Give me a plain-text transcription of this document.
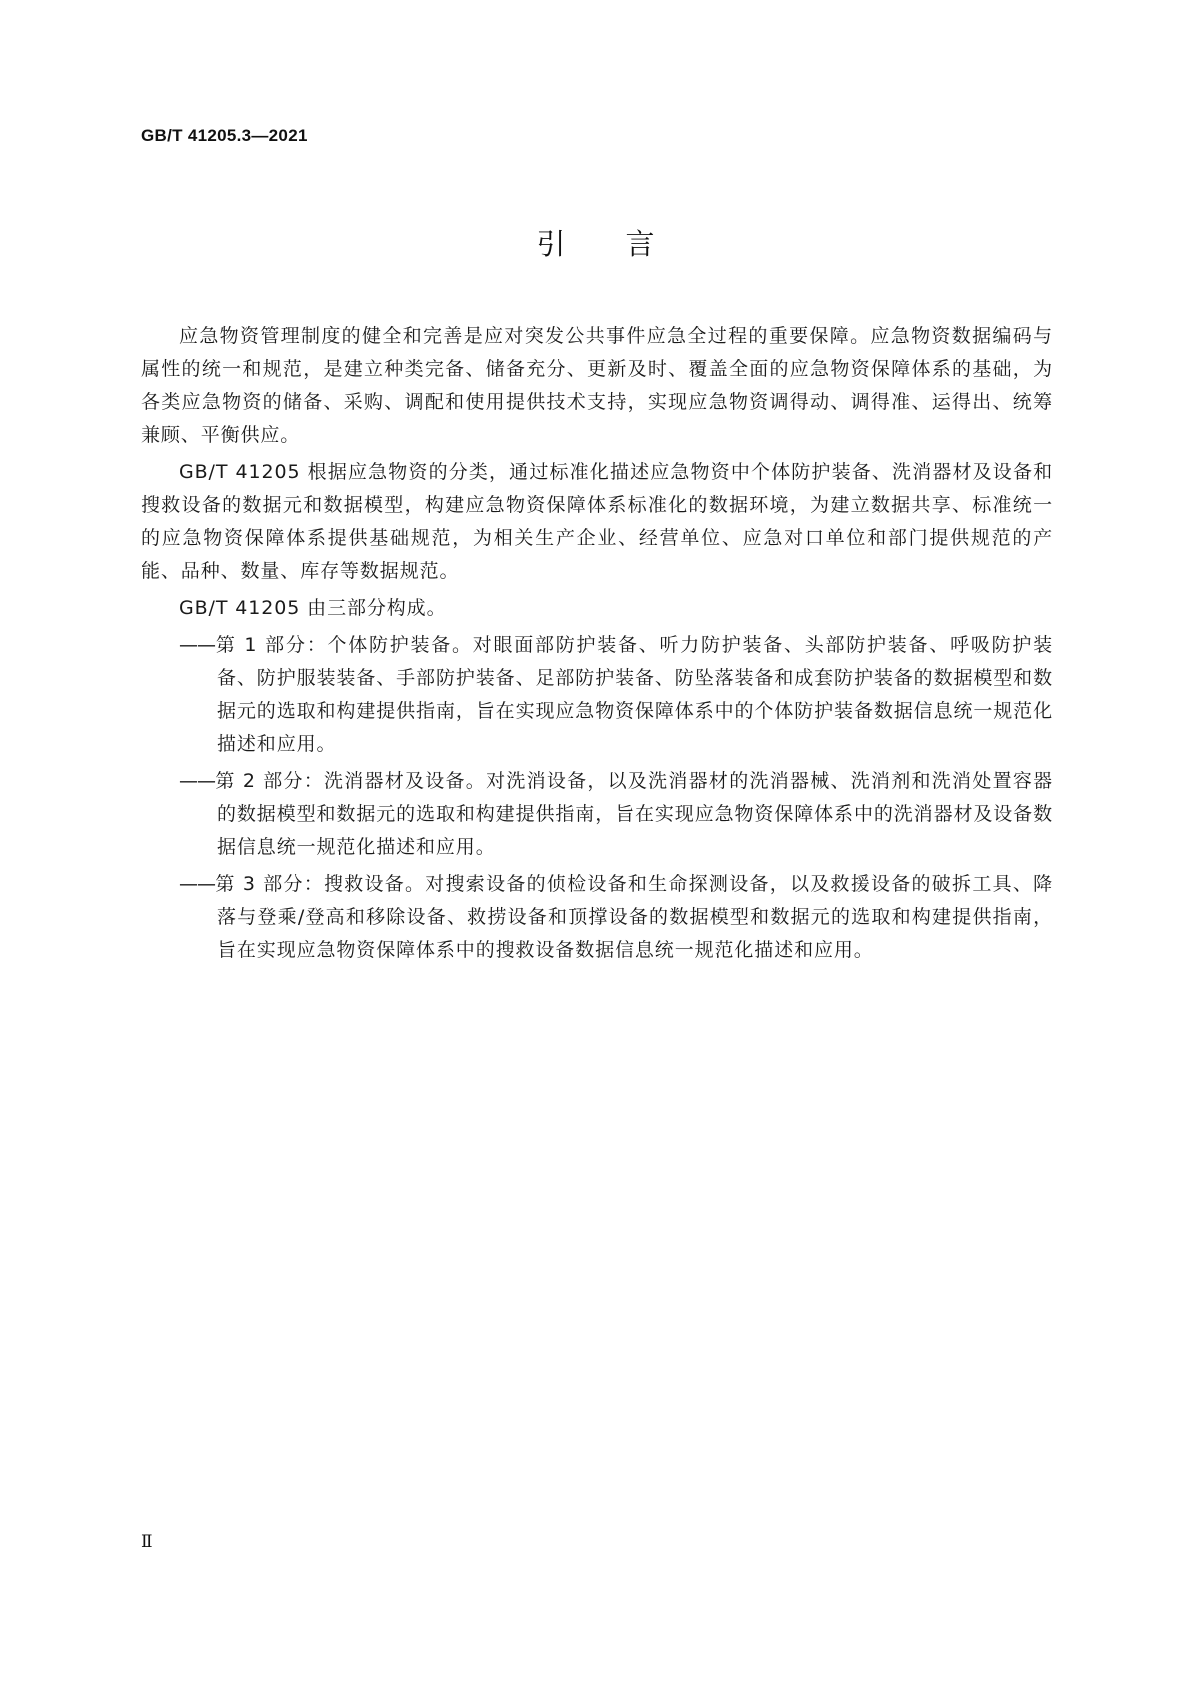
GB/T 41205.3—2021
引言

应急物资管理制度的健全和完善是应对突发公共事件应急全过程的重要保障。应急物资数据编码与属性的统一和规范，是建立种类完备、储备充分、更新及时、覆盖全面的应急物资保障体系的基础，为各类应急物资的储备、采购、调配和使用提供技术支持，实现应急物资调得动、调得准、运得出、统筹兼顾、平衡供应。

GB/T 41205 根据应急物资的分类，通过标准化描述应急物资中个体防护装备、洗消器材及设备和搜救设备的数据元和数据模型，构建应急物资保障体系标准化的数据环境，为建立数据共享、标准统一的应急物资保障体系提供基础规范，为相关生产企业、经营单位、应急对口单位和部门提供规范的产能、品种、数量、库存等数据规范。

GB/T 41205 由三部分构成。

——第 1 部分：个体防护装备。对眼面部防护装备、听力防护装备、头部防护装备、呼吸防护装备、防护服装装备、手部防护装备、足部防护装备、防坠落装备和成套防护装备的数据模型和数据元的选取和构建提供指南，旨在实现应急物资保障体系中的个体防护装备数据信息统一规范化描述和应用。
——第 2 部分：洗消器材及设备。对洗消设备，以及洗消器材的洗消器械、洗消剂和洗消处置容器的数据模型和数据元的选取和构建提供指南，旨在实现应急物资保障体系中的洗消器材及设备数据信息统一规范化描述和应用。
——第 3 部分：搜救设备。对搜索设备的侦检设备和生命探测设备，以及救援设备的破拆工具、降落与登乘/登高和移除设备、救捞设备和顶撑设备的数据模型和数据元的选取和构建提供指南，旨在实现应急物资保障体系中的搜救设备数据信息统一规范化描述和应用。
Ⅱ
